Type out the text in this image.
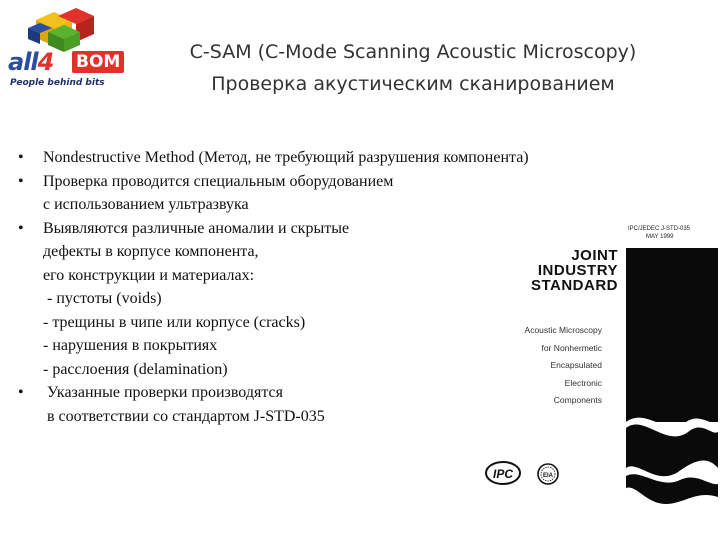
all4 BOM
People behind bits
C-SAM (C-Mode Scanning Acoustic Microscopy)
Проверка акустическим сканированием
• Nondestructive Method (Метод, не требующий разрушения компонента)
• Проверка проводится специальным оборудованием
с использованием ультразвука
• Выявляются различные аномалии и скрытые
дефекты в корпусе компонента,
его конструкции и материалах:
- пустоты (voids)
- трещины в чипе или корпусе (cracks)
- нарушения в покрытиях
- расслоения (delamination)
• Указанные проверки производятся
в соответствии со стандартом J-STD-035
IPC/JEDEC J-STD-035
MAY 1999
JOINT
INDUSTRY
STANDARD
Acoustic Microscopy
for Nonhermetic
Encapsulated
Electronic
Components
IPC	EIA
